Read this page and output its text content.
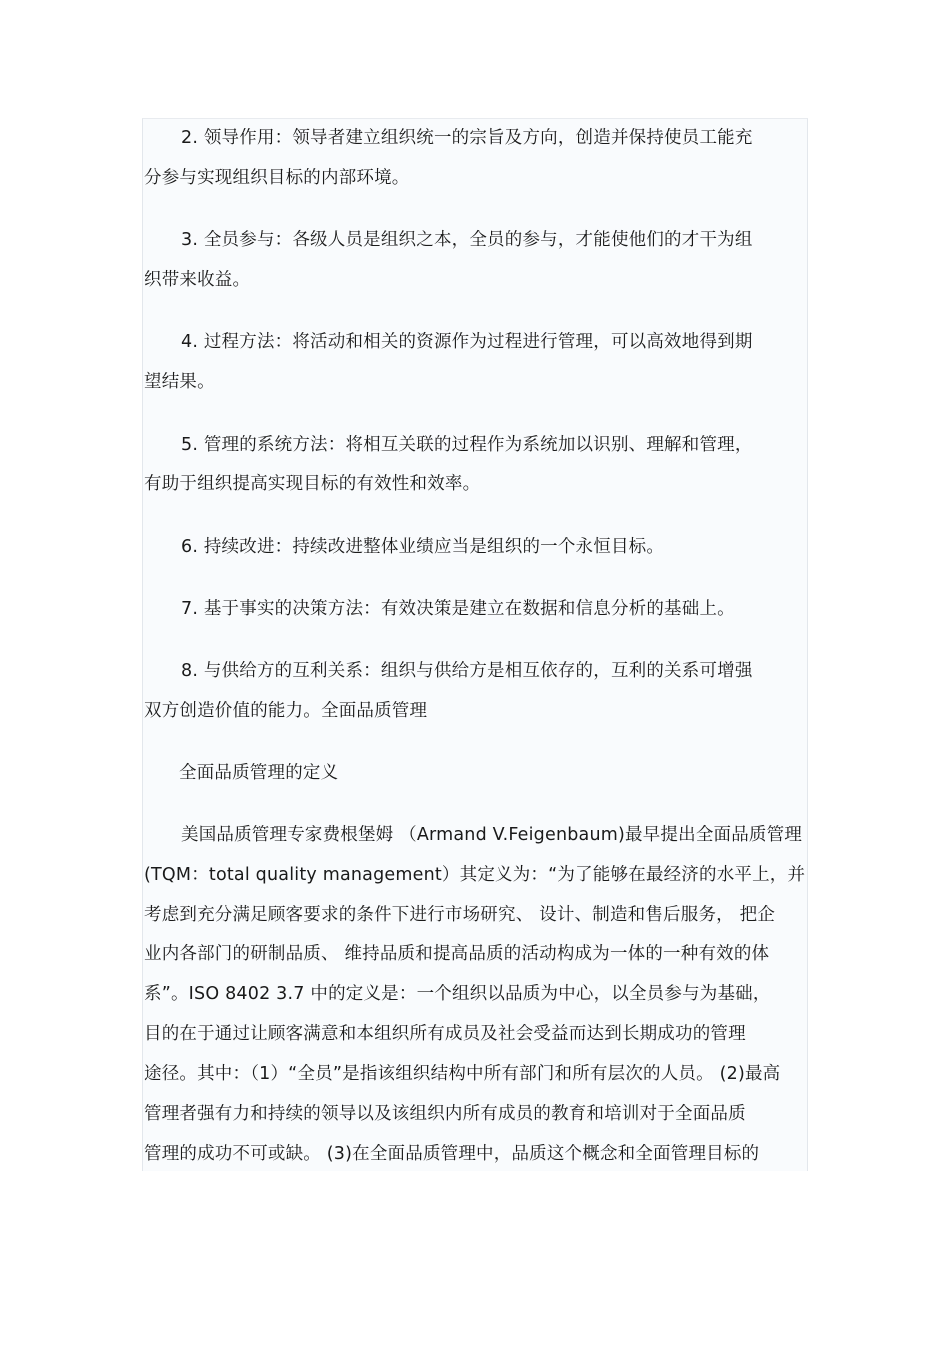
2. 领导作用：领导者建立组织统一的宗旨及方向，创造并保持使员工能充
分参与实现组织目标的内部环境。
3. 全员参与：各级人员是组织之本，全员的参与，才能使他们的才干为组
织带来收益。
4. 过程方法：将活动和相关的资源作为过程进行管理，可以高效地得到期
望结果。
5. 管理的系统方法：将相互关联的过程作为系统加以识别、理解和管理，
有助于组织提高实现目标的有效性和效率。
6. 持续改进：持续改进整体业绩应当是组织的一个永恒目标。
7. 基于事实的决策方法：有效决策是建立在数据和信息分析的基础上。
8. 与供给方的互利关系：组织与供给方是相互依存的，互利的关系可增强
双方创造价值的能力。全面品质管理
全面品质管理的定义
美国品质管理专家费根堡姆 （Armand V.Feigenbaum)最早提出全面品质管理
(TQM：total quality management）其定义为：“为了能够在最经济的水平上，并
考虑到充分满足顾客要求的条件下进行市场研究、 设计、制造和售后服务， 把企
业内各部门的研制品质、 维持品质和提高品质的活动构成为一体的一种有效的体
系”。ISO 8402 3.7 中的定义是：一个组织以品质为中心，以全员参与为基础，
目的在于通过让顾客满意和本组织所有成员及社会受益而达到长期成功的管理
途径。其中：（1）“全员”是指该组织结构中所有部门和所有层次的人员。 (2)最高
管理者强有力和持续的领导以及该组织内所有成员的教育和培训对于全面品质
管理的成功不可或缺。 (3)在全面品质管理中，品质这个概念和全面管理目标的
